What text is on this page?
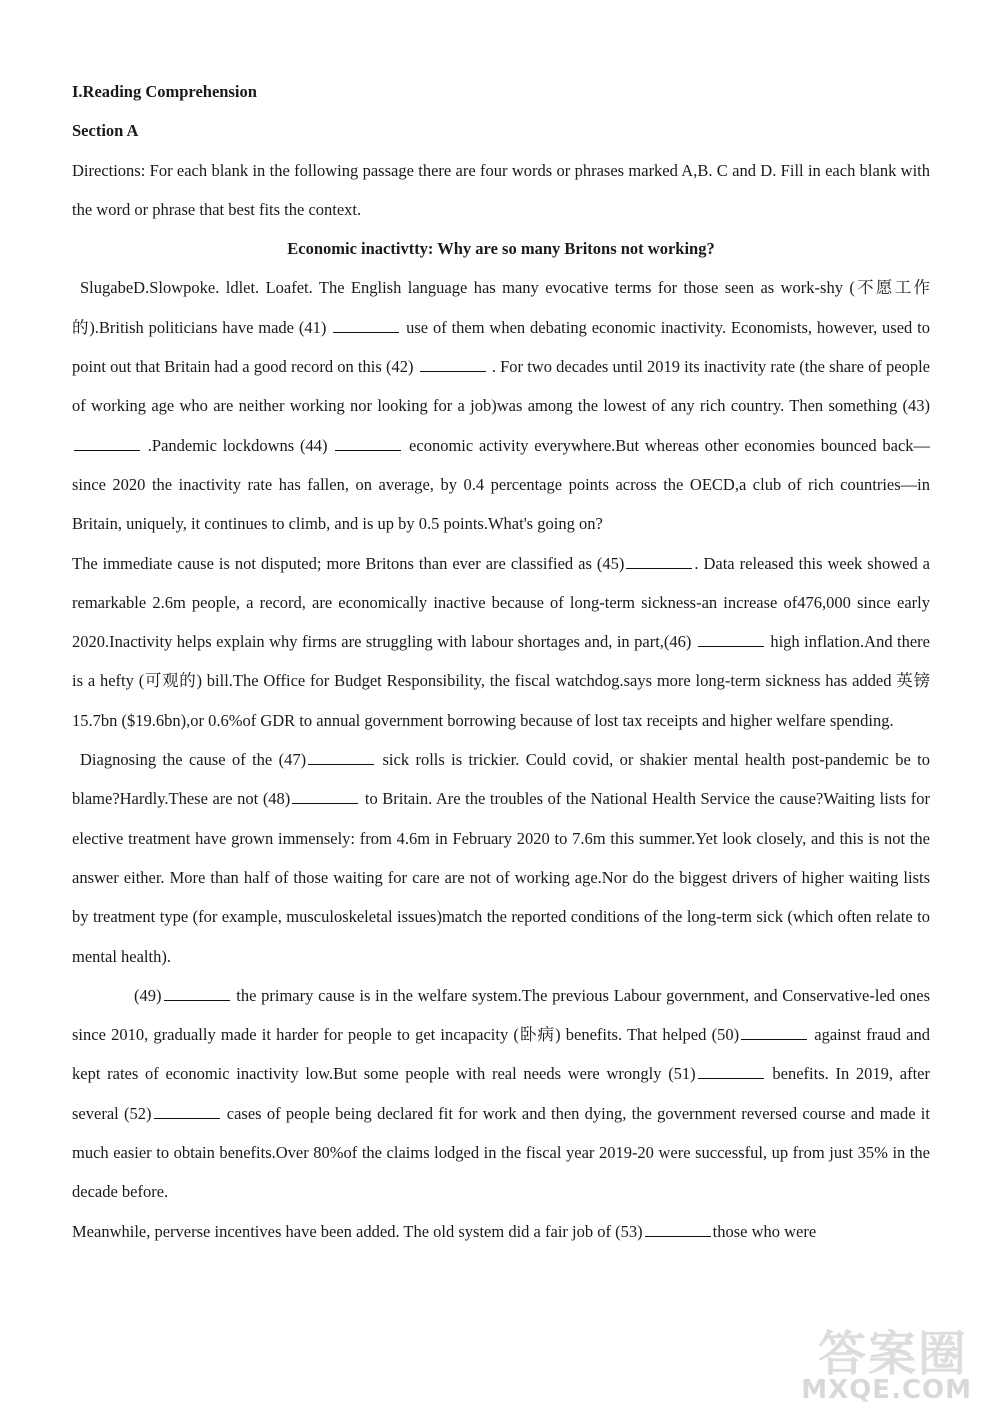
I.Reading Comprehension

Section A

Directions: For each blank in the following passage there are four words or phrases marked A,B. C and D. Fill in each blank with the word or phrase that best fits the context.

Economic inactivtty: Why are so many Britons not working?

SlugabeD.Slowpoke. ldlet. Loafet. The English language has many evocative terms for those seen as work-shy (不愿工作的).British politicians have made (41)	use of them when debating economic inactivity. Economists, however, used to point out that Britain had a good record on this (42)	. For two decades until 2019 its inactivity rate (the share of people of working age who are neither working nor looking for a job)was among the lowest of any rich country. Then something (43) .Pandemic lockdowns (44)	economic activity everywhere.But whereas other economies bounced back—since 2020 the inactivity rate has fallen, on average, by 0.4 percentage points across the OECD,a club of rich countries—in Britain, uniquely, it continues to climb, and is up by 0.5 points.What's going on?

The immediate cause is not disputed; more Britons than ever are classified as (45)	. Data released this week showed a remarkable 2.6m people, a record, are economically inactive because of long-term sickness-an increase of476,000 since early 2020.Inactivity helps explain why firms are struggling with labour shortages and, in part,(46)	high inflation.And there is a hefty (可观的) bill.The Office for Budget Responsibility, the fiscal watchdog.says more long-term sickness has added 英镑 15.7bn ($19.6bn),or 0.6%of GDR to annual government borrowing because of lost tax receipts and higher welfare spending.

Diagnosing the cause of the (47)	sick rolls is trickier. Could covid, or shakier mental health post-pandemic be to blame?Hardly.These are not (48)	to Britain. Are the troubles of the National Health Service the cause?Waiting lists for elective treatment have grown immensely: from 4.6m in February 2020 to 7.6m this summer.Yet look closely, and this is not the answer either. More than half of those waiting for care are not of working age.Nor do the biggest drivers of higher waiting lists by treatment type (for example, musculoskeletal issues)match the reported conditions of the long-term sick (which often relate to mental health).

(49)	the primary cause is in the welfare system.The previous Labour government, and Conservative-led ones since 2010, gradually made it harder for people to get incapacity (卧病) benefits. That helped (50)	against fraud and kept rates of economic inactivity low.But some people with real needs were wrongly (51)	benefits. In 2019, after several (52)	cases of people being declared fit for work and then dying, the government reversed course and made it much easier to obtain benefits.Over 80%of the claims lodged in the fiscal year 2019-20 were successful, up from just 35% in the decade before.

Meanwhile, perverse incentives have been added. The old system did a fair job of (53)	those who were

答案圈
MXQE.COM
